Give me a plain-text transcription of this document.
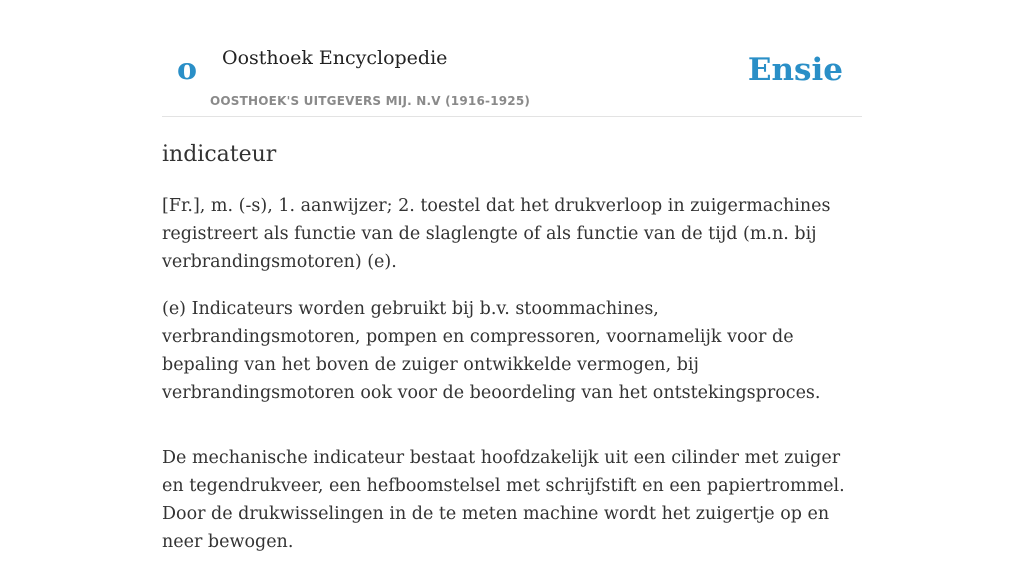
o Oosthoek Encyclopedie
OOSTHOEK'S UITGEVERS MIJ. N.V (1916-1925)
Ensie
indicateur

[Fr.], m. (-s), 1. aanwijzer; 2. toestel dat het drukverloop in zuigermachines registreert als functie van de slaglengte of als functie van de tijd (m.n. bij verbrandingsmotoren) (e).

(e) Indicateurs worden gebruikt bij b.v. stoommachines, verbrandingsmotoren, pompen en compressoren, voornamelijk voor de bepaling van het boven de zuiger ontwikkelde vermogen, bij verbrandingsmotoren ook voor de beoordeling van het ontstekingsproces.

De mechanische indicateur bestaat hoofdzakelijk uit een cilinder met zuiger en tegendrukveer, een hefboomstelsel met schrijfstift en een papiertrommel. Door de drukwisselingen in de te meten machine wordt het zuigertje op en neer bewogen.
